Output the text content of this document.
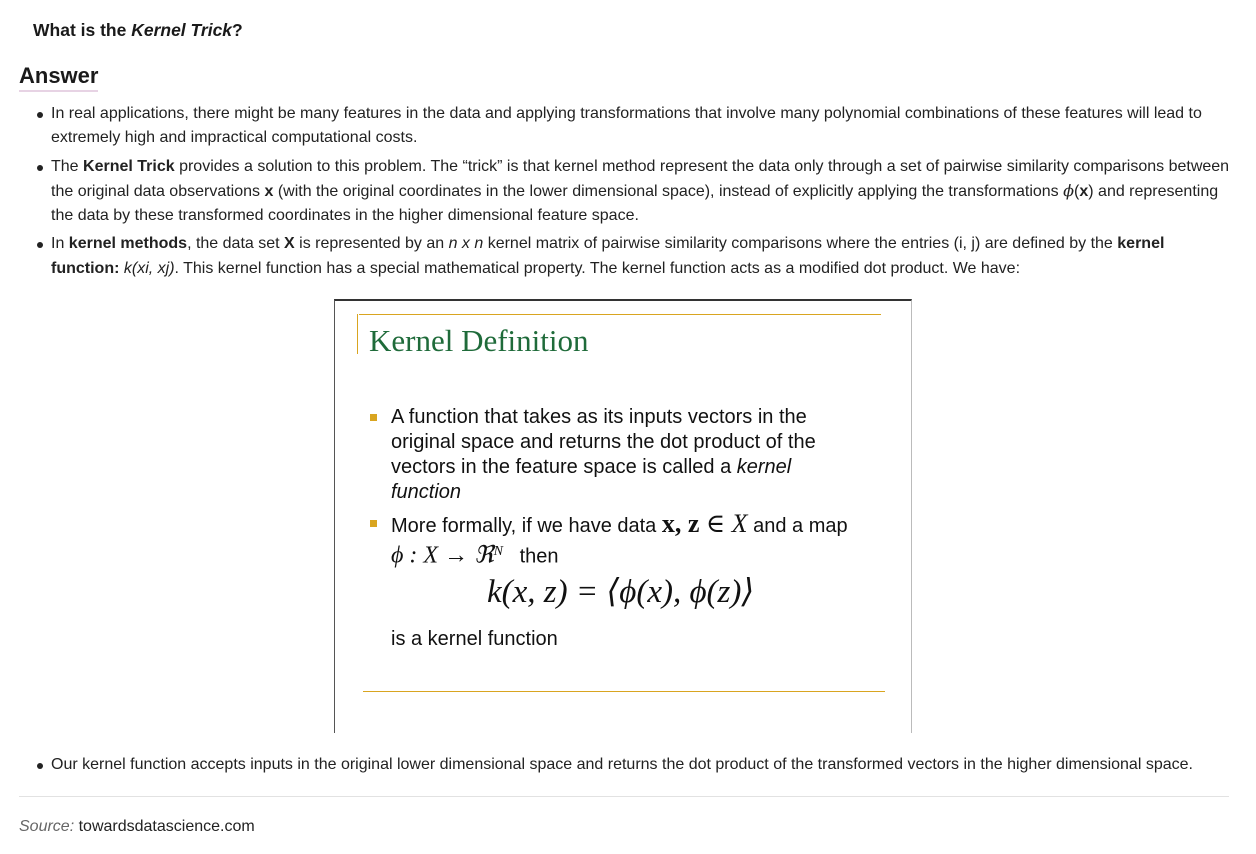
What is the Kernel Trick?
Answer
In real applications, there might be many features in the data and applying transformations that involve many polynomial combinations of these features will lead to extremely high and impractical computational costs.
The Kernel Trick provides a solution to this problem. The “trick” is that kernel method represent the data only through a set of pairwise similarity comparisons between the original data observations x (with the original coordinates in the lower dimensional space), instead of explicitly applying the transformations ϕ(x) and representing the data by these transformed coordinates in the higher dimensional feature space.
In kernel methods, the data set X is represented by an n x n kernel matrix of pairwise similarity comparisons where the entries (i, j) are defined by the kernel function: k(xi, xj). This kernel function has a special mathematical property. The kernel function acts as a modified dot product. We have:
Kernel Definition
A function that takes as its inputs vectors in the original space and returns the dot product of the vectors in the feature space is called a kernel function
More formally, if we have data x, z ∈ X and a map ϕ : X → ℜ$^N$   then
k(x, z) = ⟨ϕ(x), ϕ(z)⟩
is a kernel function
Our kernel function accepts inputs in the original lower dimensional space and returns the dot product of the transformed vectors in the higher dimensional space.
Source: towardsdatascience.com
